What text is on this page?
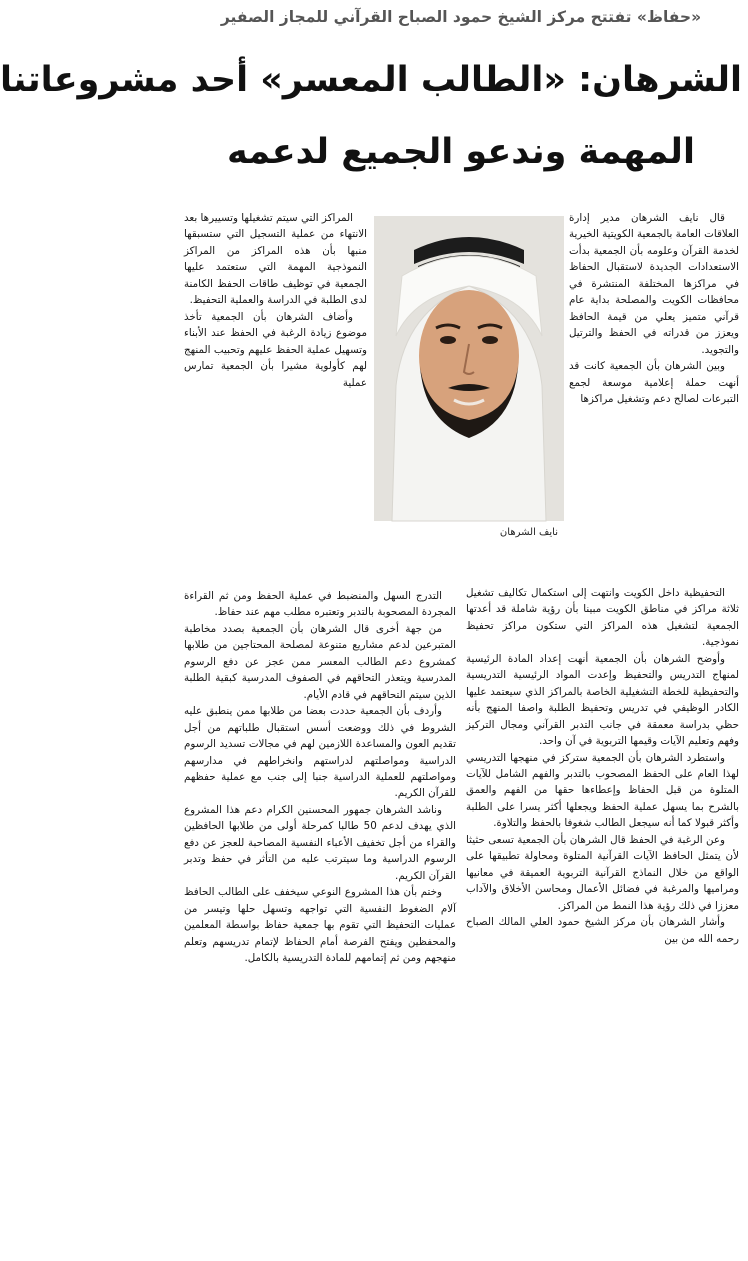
«حفاظ» تفتتح مركز الشيخ حمود الصباح القرآني للمجاز الصفير
الشرهان: «الطالب المعسر» أحد مشروعاتنا
المهمة وندعو الجميع لدعمه

قال نايف الشرهان مدير إدارة العلاقات العامة بالجمعية الكويتية الخيرية لخدمة القرآن وعلومه بأن الجمعية بدأت الاستعدادات الجديدة لاستقبال الحفاظ في مراكزها المختلفة المنتشرة في محافظات الكويت والمصلحة بداية عام قرآني متميز يعلي من قيمة الحافظ ويعزز من قدراته في الحفظ والترتيل والتجويد.

وبين الشرهان بأن الجمعية كانت قد أنهت حملة إعلامية موسعة لجمع التبرعات لصالح دعم وتشغيل مراكزها

نايف الشرهان

المراكز التي سيتم تشغيلها وتسييرها بعد الانتهاء من عملية التسجيل التي ستسبقها منبها بأن هذه المراكز من المراكز النموذجية المهمة التي ستعتمد عليها الجمعية في توظيف طاقات الحفظ الكامنة لدى الطلبة في الدراسة والعملية التحفيظ.

وأضاف الشرهان بأن الجمعية تأخذ موضوع زيادة الرغبة في الحفظ عند الأبناء وتسهيل عملية الحفظ عليهم وتحبيب المنهج لهم كأولوية مشيرا بأن الجمعية تمارس عملية

التحفيظية داخل الكويت وانتهت إلى استكمال تكاليف تشغيل ثلاثة مراكز في مناطق الكويت مبينا بأن رؤية شاملة قد أعدتها الجمعية لتشغيل هذه المراكز التي ستكون مراكز تحفيظ نموذجية.

وأوضح الشرهان بأن الجمعية أنهت إعداد المادة الرئيسية لمنهاج التدريس والتحفيظ وإعدت المواد الرئيسية التدريسية والتحفيظية للخطة التشغيلية الخاصة بالمراكز الذي سيعتمد عليها الكادر الوظيفي في تدريس وتحفيظ الطلبة واصفا المنهج بأنه حظي بدراسة معمقة في جانب التدبر القرآني ومجال التركيز وفهم وتعليم الآيات وقيمها التربوية في آن واحد.

واستطرد الشرهان بأن الجمعية ستركز في منهجها التدريسي لهذا العام على الحفظ المصحوب بالتدبر والفهم الشامل للآيات المتلوة من قبل الحفاظ وإعطاءها حقها من الفهم والعمق بالشرح بما يسهل عملية الحفظ ويجعلها أكثر يسرا على الطلبة وأكثر قبولا كما أنه سيجعل الطالب شغوفا بالحفظ والتلاوة.

وعن الرغبة في الحفظ قال الشرهان بأن الجمعية تسعى حثيثا لأن يتمثل الحافظ الآيات القرآنية المتلوة ومحاولة تطبيقها على الواقع من خلال النماذج القرآنية التربوية العميقة في معانيها ومراميها والمرغبة في فضائل الأعمال ومحاسن الأخلاق والآداب معززا في ذلك رؤية هذا النمط من المراكز.

وأشار الشرهان بأن مركز الشيخ حمود العلي المالك الصباح رحمه الله من بين

التدرج السهل والمنضبط في عملية الحفظ ومن ثم القراءة المجردة المصحوبة بالتدبر وتعتبره مطلب مهم عند حفاظ.

من جهة أخرى قال الشرهان بأن الجمعية بصدد مخاطبة المتبرعين لدعم مشاريع متنوعة لمصلحة المحتاجين من طلابها كمشروع دعم الطالب المعسر ممن عجز عن دفع الرسوم المدرسية ويتعذر التحاقهم في الصفوف المدرسية كبقية الطلبة الذين سيتم التحاقهم في قادم الأيام.

وأردف بأن الجمعية حددت بعضا من طلابها ممن ينطبق عليه الشروط في ذلك ووضعت أسس استقبال طلباتهم من أجل تقديم العون والمساعدة اللازمين لهم في مجالات تسديد الرسوم الدراسية ومواصلتهم لدراستهم وانخراطهم في مدارسهم ومواصلتهم للعملية الدراسية جنبا إلى جنب مع عملية حفظهم للقرآن الكريم.

وناشد الشرهان جمهور المحسنين الكرام دعم هذا المشروع الذي يهدف لدعم 50 طالبا كمرحلة أولى من طلابها الحافظين والقراء من أجل تخفيف الأعباء النفسية المصاحبة للعجز عن دفع الرسوم الدراسية وما سيترتب عليه من التأثر في حفظ وتدبر القرآن الكريم.

وختم بأن هذا المشروع النوعي سيخفف على الطالب الحافظ آلام الضغوط النفسية التي تواجهه وتسهل حلها وتيسر من عمليات التحفيظ التي تقوم بها جمعية حفاظ بواسطة المعلمين والمحفظين ويفتح الفرصة أمام الحفاظ لإتمام تدريسهم وتعلم منهجهم ومن ثم إتمامهم للمادة التدريسية بالكامل.
